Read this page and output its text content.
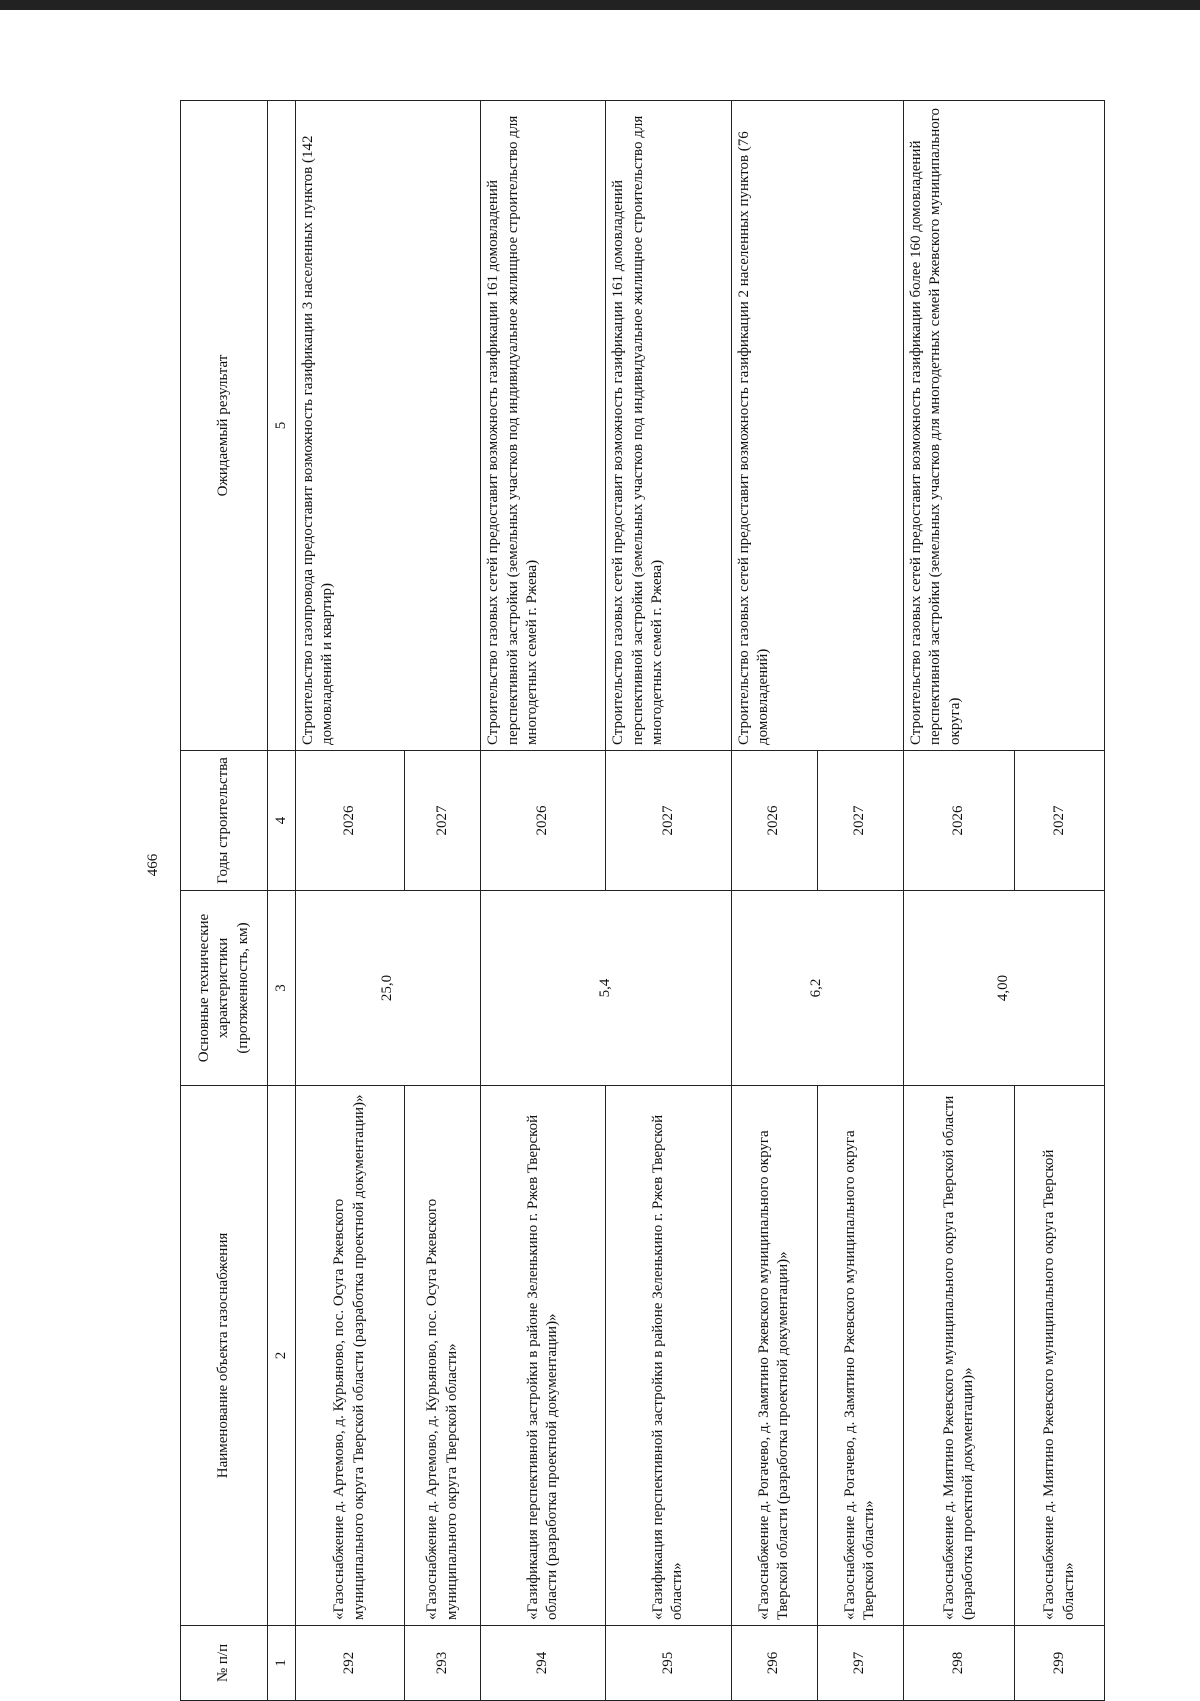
466
№ п/п	Наименование объекта газоснабжения	Основные технические характеристики (протяженность, км)	Годы строительства	Ожидаемый результат
1	2	3	4	5
292	«Газоснабжение д. Артемово, д. Курьяново, пос. Осуга Ржевского муниципального округа Тверской области (разработка проектной документации)»	25,0	2026	Строительство газопровода предоставит возможность газификации 3 населенных пунктов (142 домовладений и квартир)
293	«Газоснабжение д. Артемово, д. Курьяново, пос. Осуга Ржевского муниципального округа Тверской области»		2027	
294	«Газификация перспективной застройки в районе Зеленькино г. Ржев Тверской области (разработка проектной документации)»	5,4	2026	Строительство газовых сетей предоставит возможность газификации 161 домовладений перспективной застройки (земельных участков под индивидуальное жилищное строительство для многодетных семей г. Ржева)
295	«Газификация перспективной застройки в районе Зеленькино г. Ржев Тверской области»		2027	Строительство газовых сетей предоставит возможность газификации 161 домовладений перспективной застройки (земельных участков под индивидуальное жилищное строительство для многодетных семей г. Ржева)
296	«Газоснабжение д. Рогачево, д. Замятино Ржевского муниципального округа Тверской области (разработка проектной документации)»	6,2	2026	Строительство газовых сетей предоставит возможность газификации 2 населенных пунктов (76 домовладений)
297	«Газоснабжение д. Рогачево, д. Замятино Ржевского муниципального округа Тверской области»		2027	
298	«Газоснабжение д. Миятино Ржевского муниципального округа Тверской области (разработка проектной документации)»	4,00	2026	Строительство газовых сетей предоставит возможность газификации более 160 домовладений перспективной застройки (земельных участков для многодетных семей Ржевского муниципального округа)
299	«Газоснабжение д. Миятино Ржевского муниципального округа Тверской области»		2027	
